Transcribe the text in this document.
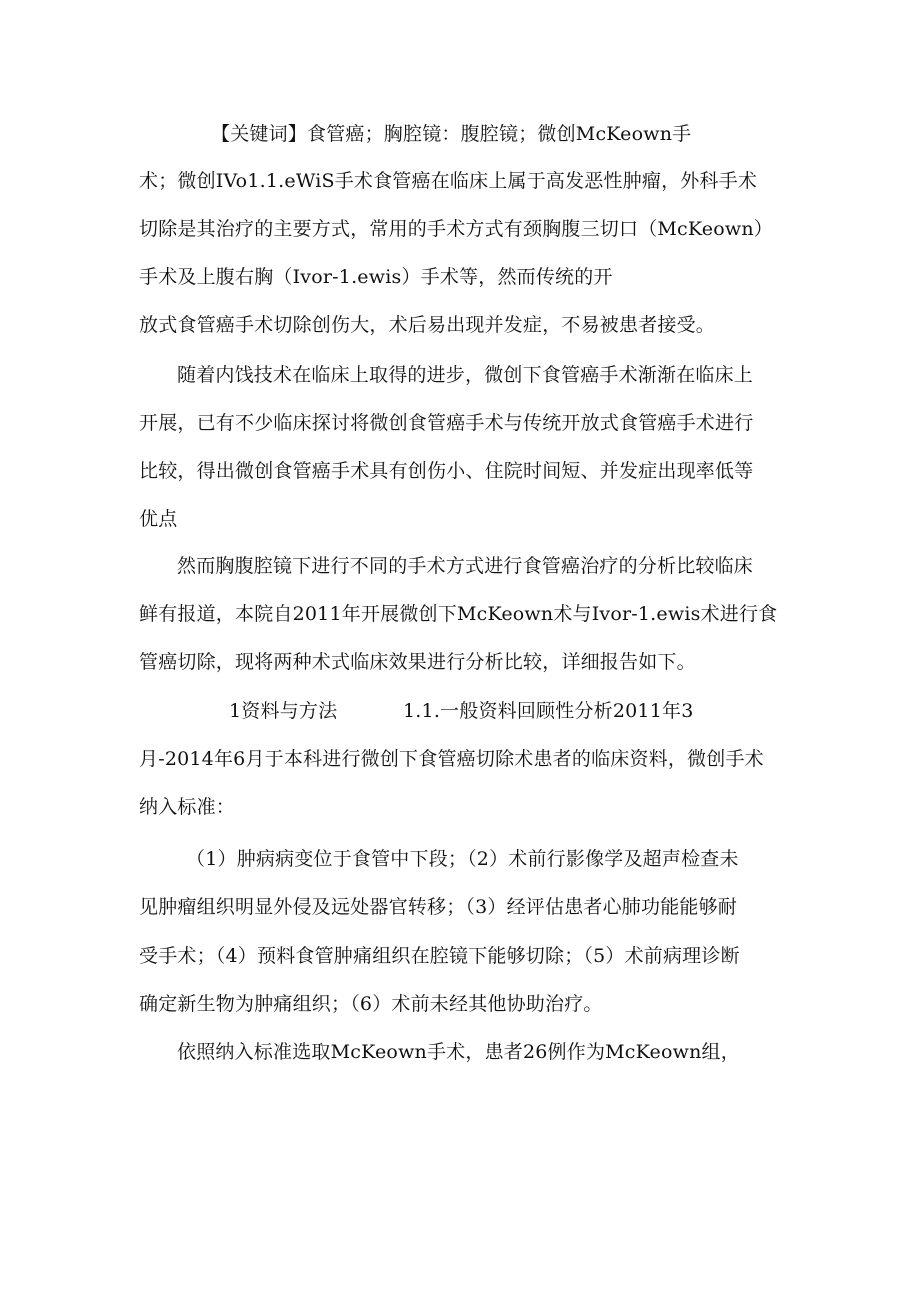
【关键词】食管癌；胸腔镜：腹腔镜；微创McKeown手
术；微创IVo1.1.eWiS手术食管癌在临床上属于高发恶性肿瘤，外科手术
切除是其治疗的主要方式，常用的手术方式有颈胸腹三切口（McKeown）
手术及上腹右胸（Ivor-1.ewis）手术等，然而传统的开
放式食管癌手术切除创伤大，术后易出现并发症，不易被患者接受。
随着内饯技术在临床上取得的进步，微创下食管癌手术渐渐在临床上
开展，已有不少临床探讨将微创食管癌手术与传统开放式食管癌手术进行
比较，得出微创食管癌手术具有创伤小、住院时间短、并发症出现率低等
优点
然而胸腹腔镜下进行不同的手术方式进行食管癌治疗的分析比较临床
鲜有报道，本院自2011年开展微创下McKeown术与Ivor-1.ewis术进行食
管癌切除，现将两种术式临床效果进行分析比较，详细报告如下。
1资料与方法	1.1.一般资料回顾性分析2011年3
月-2014年6月于本科进行微创下食管癌切除术患者的临床资料，微创手术
纳入标准：
（1）肿病病变位于食管中下段；（2）术前行影像学及超声检查未
见肿瘤组织明显外侵及远处器官转移；（3）经评估患者心肺功能能够耐
受手术；（4）预料食管肿痛组织在腔镜下能够切除；（5）术前病理诊断
确定新生物为肿痛组织；（6）术前未经其他协助治疗。
依照纳入标准选取McKeown手术，患者26例作为McKeown组，
